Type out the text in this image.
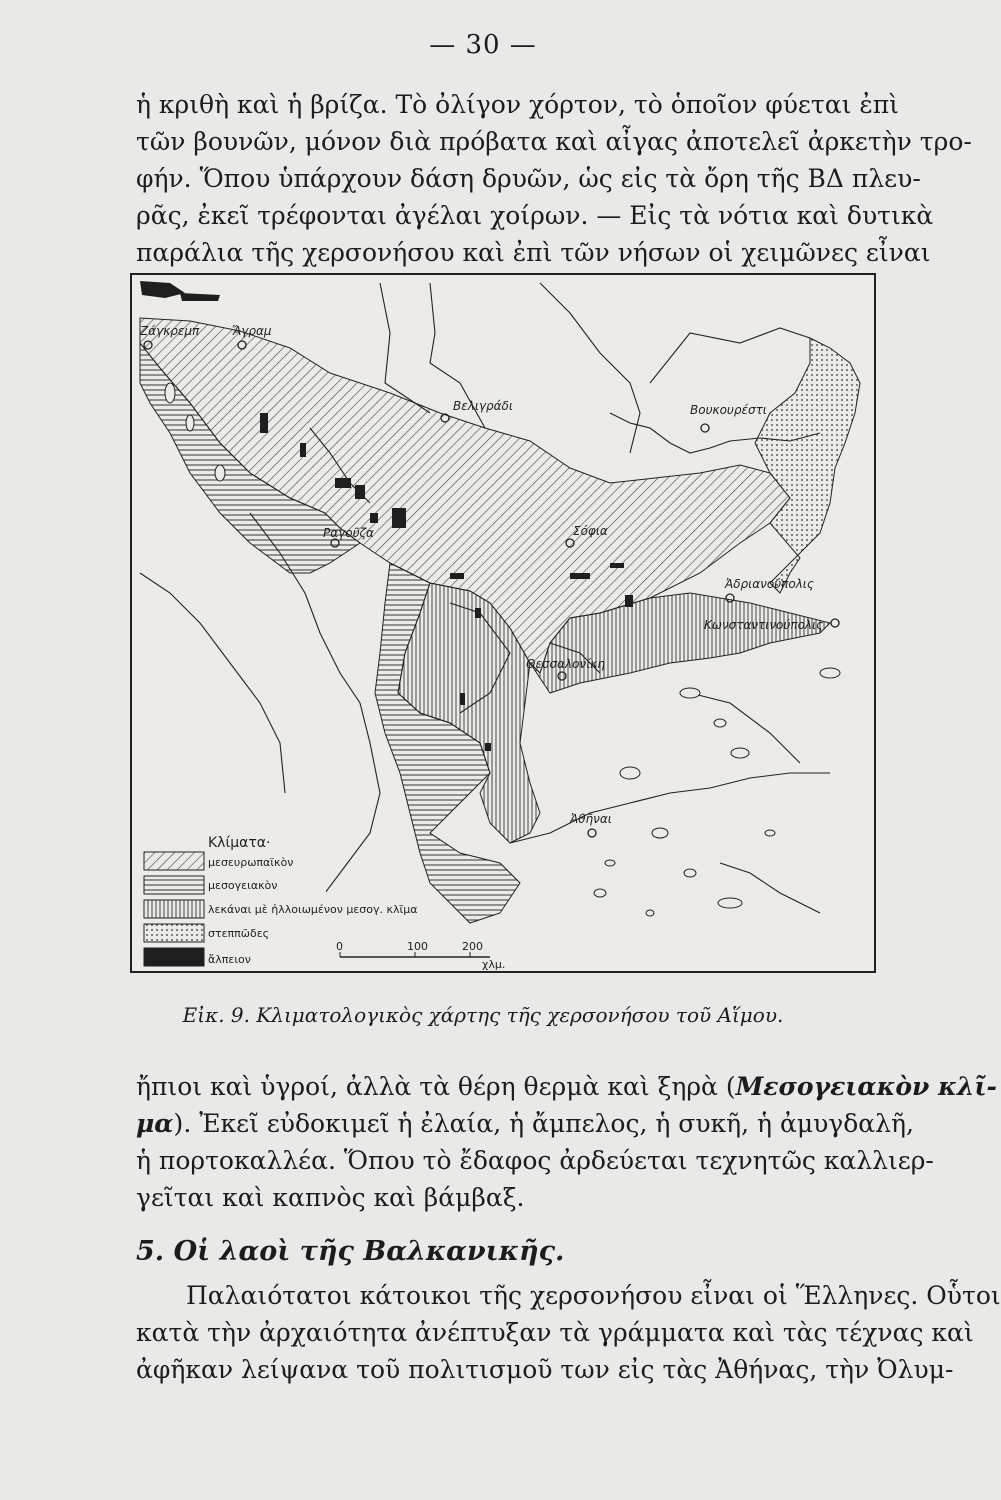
— 30 —

ἡ κριθὴ καὶ ἡ βρίζα. Τὸ ὀλίγον χόρτον, τὸ ὁποῖον φύεται ἐπὶ
τῶν βουνῶν, μόνον διὰ πρόβατα καὶ αἶγας ἀποτελεῖ ἀρκετὴν τρο-
φήν. Ὅπου ὑπάρχουν δάση δρυῶν, ὡς εἰς τὰ ὄρη τῆς ΒΔ πλευ-
ρᾶς, ἐκεῖ τρέφονται ἀγέλαι χοίρων. — Εἰς τὰ νότια καὶ δυτικὰ
παράλια τῆς χερσονήσου καὶ ἐπὶ τῶν νήσων οἱ χειμῶνες εἶναι

Ζάγκρεμπ	Ἄγραμ
Βελιγράδι	Βουκουρέστι
Ραγοῦζα	Σόφια
Ἀδριανούπολις
Κωνσταντινούπολις
Θεσσαλονίκη
Ἀθῆναι
Κλίματα·
μεσευρωπαϊκὸν
μεσογειακὸν
λεκάναι μὲ ἠλλοιωμένον μεσογ. κλῖμα
στεππῶδες
ἄλπειον
0	100	200
χλμ.
Εἰκ. 9. Κλιματολογικὸς χάρτης τῆς χερσονήσου τοῦ Αἵμου.

ἤπιοι καὶ ὑγροί, ἀλλὰ τὰ θέρη θερμὰ καὶ ξηρὰ (Μεσογειακὸν κλῖ-
μα). Ἐκεῖ εὐδοκιμεῖ ἡ ἐλαία, ἡ ἄμπελος, ἡ συκῆ, ἡ ἀμυγδαλῆ,
ἡ πορτοκαλλέα. Ὅπου τὸ ἔδαφος ἀρδεύεται τεχνητῶς καλλιερ-
γεῖται καὶ καπνὸς καὶ βάμβαξ.

5. Οἱ λαοὶ τῆς Βαλκανικῆς.

Παλαιότατοι κάτοικοι τῆς χερσονήσου εἶναι οἱ Ἕλληνες. Οὗτοι
κατὰ τὴν ἀρχαιότητα ἀνέπτυξαν τὰ γράμματα καὶ τὰς τέχνας καὶ
ἀφῆκαν λείψανα τοῦ πολιτισμοῦ των εἰς τὰς Ἀθήνας, τὴν Ὀλυμ-
